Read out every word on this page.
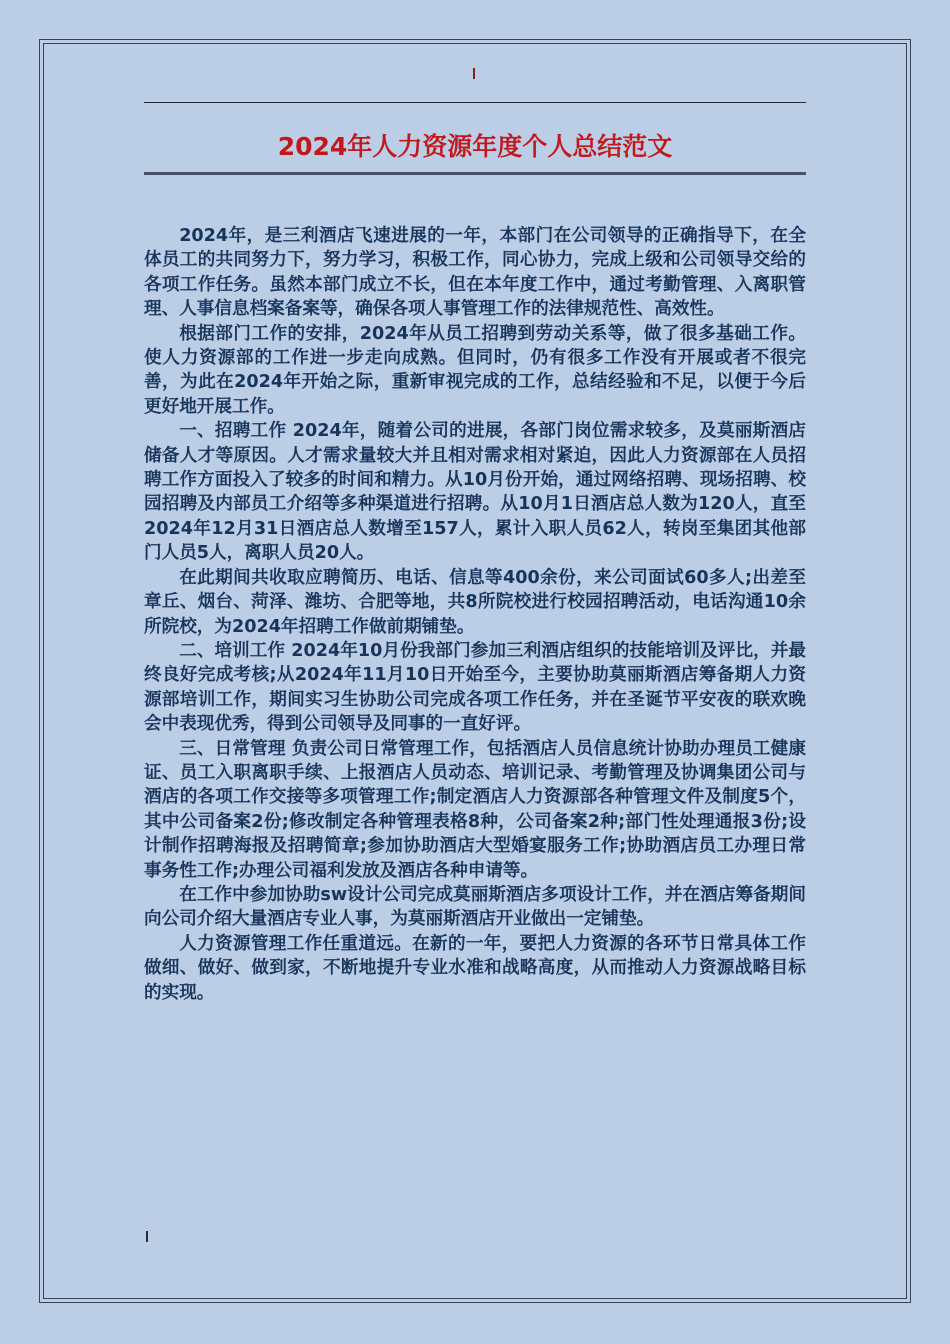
2024年人力资源年度个人总结范文

2024年，是三利酒店飞速进展的一年，本部门在公司领导的正确指导下，在全体员工的共同努力下，努力学习，积极工作，同心协力，完成上级和公司领导交给的各项工作任务。虽然本部门成立不长，但在本年度工作中，通过考勤管理、入离职管理、人事信息档案备案等，确保各项人事管理工作的法律规范性、高效性。

根据部门工作的安排，2024年从员工招聘到劳动关系等，做了很多基础工作。使人力资源部的工作进一步走向成熟。但同时，仍有很多工作没有开展或者不很完善，为此在2024年开始之际，重新审视完成的工作，总结经验和不足，以便于今后更好地开展工作。

一、招聘工作 2024年，随着公司的进展，各部门岗位需求较多，及莫丽斯酒店储备人才等原因。人才需求量较大并且相对需求相对紧迫，因此人力资源部在人员招聘工作方面投入了较多的时间和精力。从10月份开始，通过网络招聘、现场招聘、校园招聘及内部员工介绍等多种渠道进行招聘。从10月1日酒店总人数为120人，直至2024年12月31日酒店总人数增至157人，累计入职人员62人，转岗至集团其他部门人员5人，离职人员20人。

在此期间共收取应聘简历、电话、信息等400余份，来公司面试60多人;出差至章丘、烟台、菏泽、潍坊、合肥等地，共8所院校进行校园招聘活动，电话沟通10余所院校，为2024年招聘工作做前期铺垫。

二、培训工作 2024年10月份我部门参加三利酒店组织的技能培训及评比，并最终良好完成考核;从2024年11月10日开始至今，主要协助莫丽斯酒店筹备期人力资源部培训工作，期间实习生协助公司完成各项工作任务，并在圣诞节平安夜的联欢晚会中表现优秀，得到公司领导及同事的一直好评。

三、日常管理 负责公司日常管理工作，包括酒店人员信息统计协助办理员工健康证、员工入职离职手续、上报酒店人员动态、培训记录、考勤管理及协调集团公司与酒店的各项工作交接等多项管理工作;制定酒店人力资源部各种管理文件及制度5个，其中公司备案2份;修改制定各种管理表格8种，公司备案2种;部门性处理通报3份;设计制作招聘海报及招聘简章;参加协助酒店大型婚宴服务工作;协助酒店员工办理日常事务性工作;办理公司福利发放及酒店各种申请等。

在工作中参加协助sw设计公司完成莫丽斯酒店多项设计工作，并在酒店筹备期间向公司介绍大量酒店专业人事，为莫丽斯酒店开业做出一定铺垫。

人力资源管理工作任重道远。在新的一年，要把人力资源的各环节日常具体工作做细、做好、做到家，不断地提升专业水准和战略高度，从而推动人力资源战略目标的实现。
